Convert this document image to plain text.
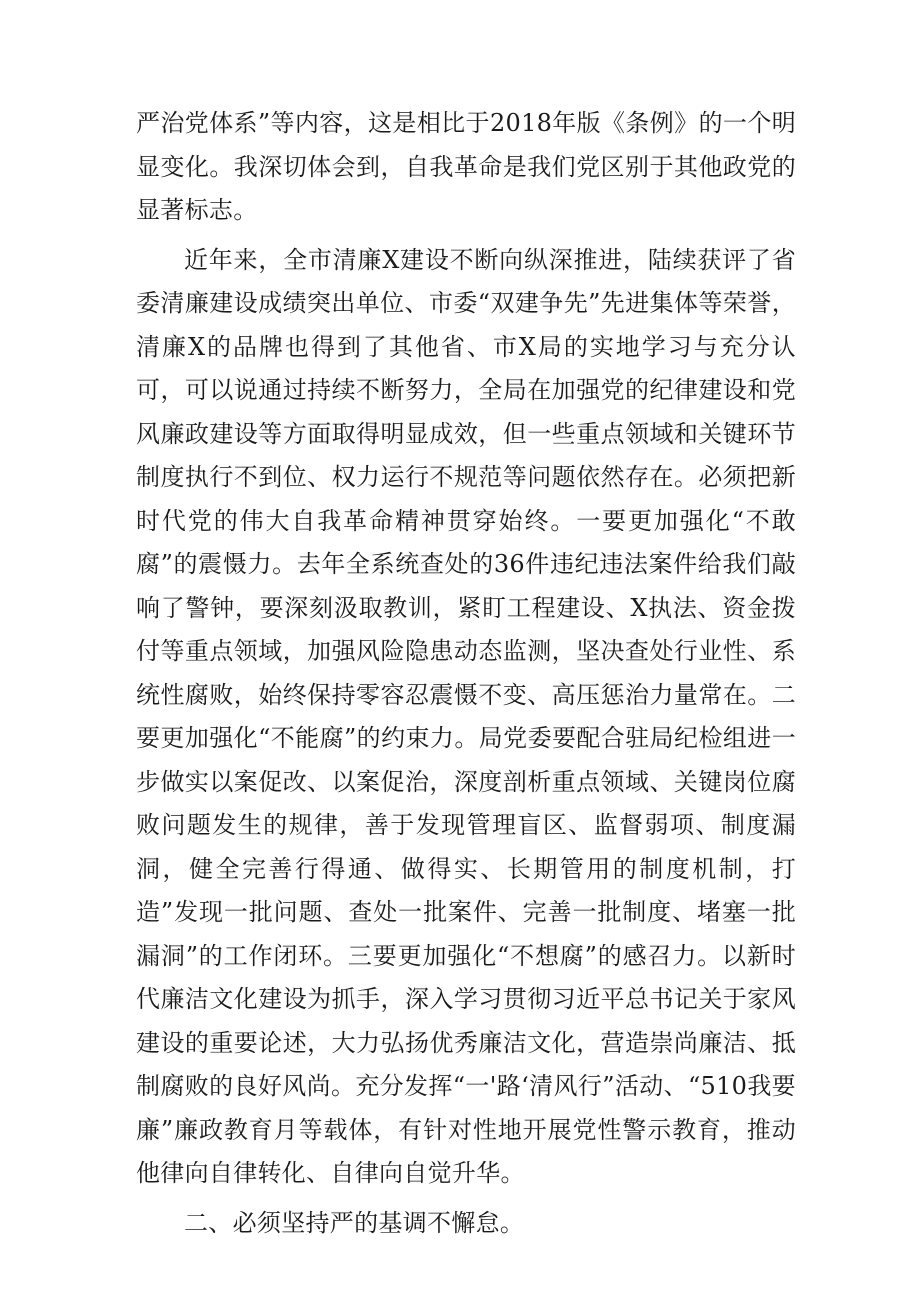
严治党体系”等内容，这是相比于2018年版《条例》的一个明显变化。我深切体会到，自我革命是我们党区别于其他政党的显著标志。

近年来，全市清廉X建设不断向纵深推进，陆续获评了省委清廉建设成绩突出单位、市委“双建争先”先进集体等荣誉，清廉X的品牌也得到了其他省、市X局的实地学习与充分认可，可以说通过持续不断努力，全局在加强党的纪律建设和党风廉政建设等方面取得明显成效，但一些重点领域和关键环节制度执行不到位、权力运行不规范等问题依然存在。必须把新时代党的伟大自我革命精神贯穿始终。一要更加强化“不敢腐”的震慑力。去年全系统查处的36件违纪违法案件给我们敲响了警钟，要深刻汲取教训，紧盯工程建设、X执法、资金拨付等重点领域，加强风险隐患动态监测，坚决查处行业性、系统性腐败，始终保持零容忍震慑不变、高压惩治力量常在。二要更加强化“不能腐”的约束力。局党委要配合驻局纪检组进一步做实以案促改、以案促治，深度剖析重点领域、关键岗位腐败问题发生的规律，善于发现管理盲区、监督弱项、制度漏洞，健全完善行得通、做得实、长期管用的制度机制，打造”发现一批问题、查处一批案件、完善一批制度、堵塞一批漏洞”的工作闭环。三要更加强化“不想腐”的感召力。以新时代廉洁文化建设为抓手，深入学习贯彻习近平总书记关于家风建设的重要论述，大力弘扬优秀廉洁文化，营造崇尚廉洁、抵制腐败的良好风尚。充分发挥“一'路‘清风行”活动、“510我要廉”廉政教育月等载体，有针对性地开展党性警示教育，推动他律向自律转化、自律向自觉升华。

二、必须坚持严的基调不懈怠。
